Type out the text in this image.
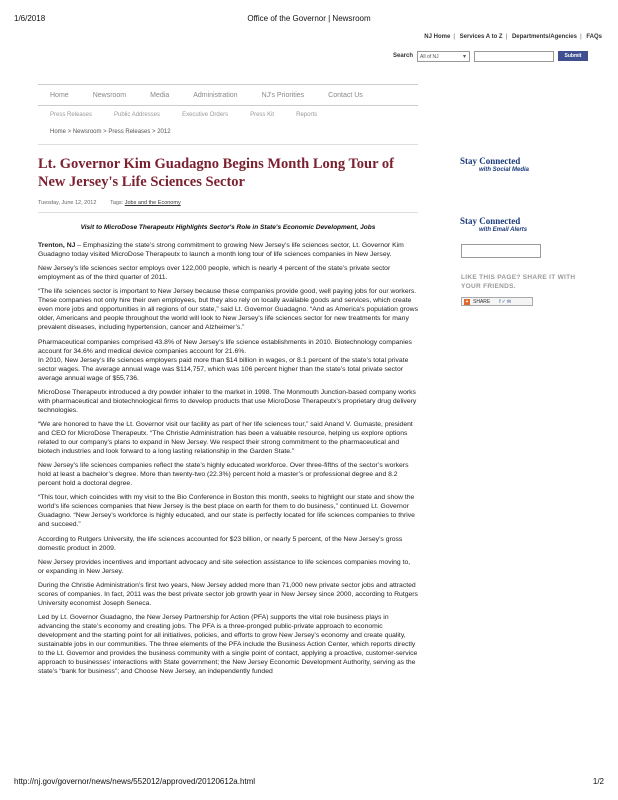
1/6/2018	Office of the Governor | Newsroom
NJ Home | Services A to Z | Departments/Agencies | FAQs
Search	All of NJ	▾	Submit
Home	Newsroom	Media	Administration	NJ's Priorities	Contact Us
Press Releases	Public Addresses	Executive Orders	Press Kit	Reports
Home > Newsroom > Press Releases > 2012
Lt. Governor Kim Guadagno Begins Month Long Tour of New Jersey's Life Sciences Sector
Tuesday, June 12, 2012 Tags: Jobs and the Economy
Visit to MicroDose Therapeutx Highlights Sector's Role in State's Economic Development, Jobs

Trenton, NJ – Emphasizing the state’s strong commitment to growing New Jersey’s life sciences sector, Lt. Governor Kim Guadagno today visited MicroDose Therapeutx to launch a month long tour of life sciences companies in New Jersey.

New Jersey’s life sciences sector employs over 122,000 people, which is nearly 4 percent of the state’s private sector employment as of the third quarter of 2011.

“The life sciences sector is important to New Jersey because these companies provide good, well paying jobs for our workers. These companies not only hire their own employees, but they also rely on locally available goods and services, which create even more jobs and opportunities in all regions of our state,” said Lt. Governor Guadagno. “And as America’s population grows older, Americans and people throughout the world will look to New Jersey’s life sciences sector for new treatments for many prevalent diseases, including hypertension, cancer and Alzheimer’s.”

Pharmaceutical companies comprised 43.8% of New Jersey’s life science establishments in 2010. Biotechnology companies account for 34.6% and medical device companies account for 21.6%.

In 2010, New Jersey’s life sciences employers paid more than $14 billion in wages, or 8.1 percent of the state’s total private sector wages. The average annual wage was $114,757, which was 106 percent higher than the state’s total private sector average annual wage of $55,736.

MicroDose Therapeutx introduced a dry powder inhaler to the market in 1998. The Monmouth Junction-based company works with pharmaceutical and biotechnological firms to develop products that use MicroDose Therapeutx’s proprietary drug delivery technologies.

“We are honored to have the Lt. Governor visit our facility as part of her life sciences tour,” said Anand V. Gumaste, president and CEO for MicroDose Therapeutx. “The Christie Administration has been a valuable resource, helping us explore options related to our company’s plans to expand in New Jersey. We respect their strong commitment to the pharmaceutical and biotech industries and look forward to a long lasting relationship in the Garden State.”

New Jersey’s life sciences companies reflect the state’s highly educated workforce. Over three-fifths of the sector’s workers hold at least a bachelor’s degree. More than twenty-two (22.3%) percent hold a master’s or professional degree and 8.2 percent hold a doctoral degree.

“This tour, which coincides with my visit to the Bio Conference in Boston this month, seeks to highlight our state and show the world’s life sciences companies that New Jersey is the best place on earth for them to do business,” continued Lt. Governor Guadagno. “New Jersey’s workforce is highly educated, and our state is perfectly located for life sciences companies to thrive and succeed.”

According to Rutgers University, the life sciences accounted for $23 billion, or nearly 5 percent, of the New Jersey’s gross domestic product in 2009.

New Jersey provides incentives and important advocacy and site selection assistance to life sciences companies moving to, or expanding in New Jersey.

During the Christie Administration’s first two years, New Jersey added more than 71,000 new private sector jobs and attracted scores of companies. In fact, 2011 was the best private sector job growth year in New Jersey since 2000, according to Rutgers University economist Joseph Seneca.

Led by Lt. Governor Guadagno, the New Jersey Partnership for Action (PFA) supports the vital role business plays in advancing the state’s economy and creating jobs. The PFA is a three-pronged public-private approach to economic development and the starting point for all initiatives, policies, and efforts to grow New Jersey’s economy and create quality, sustainable jobs in our communities. The three elements of the PFA include the Business Action Center, which reports directly to the Lt. Governor and provides the business community with a single point of contact, applying a proactive, customer-service approach to businesses’ interactions with State government; the New Jersey Economic Development Authority, serving as the state’s “bank for business”; and Choose New Jersey, an independently funded

Stay Connected
with Social Media
Stay Connected
with Email Alerts
LIKE THIS PAGE? SHARE IT WITH YOUR FRIENDS.
+ SHARE f✓✉
http://nj.gov/governor/news/news/552012/approved/20120612a.html	1/2
